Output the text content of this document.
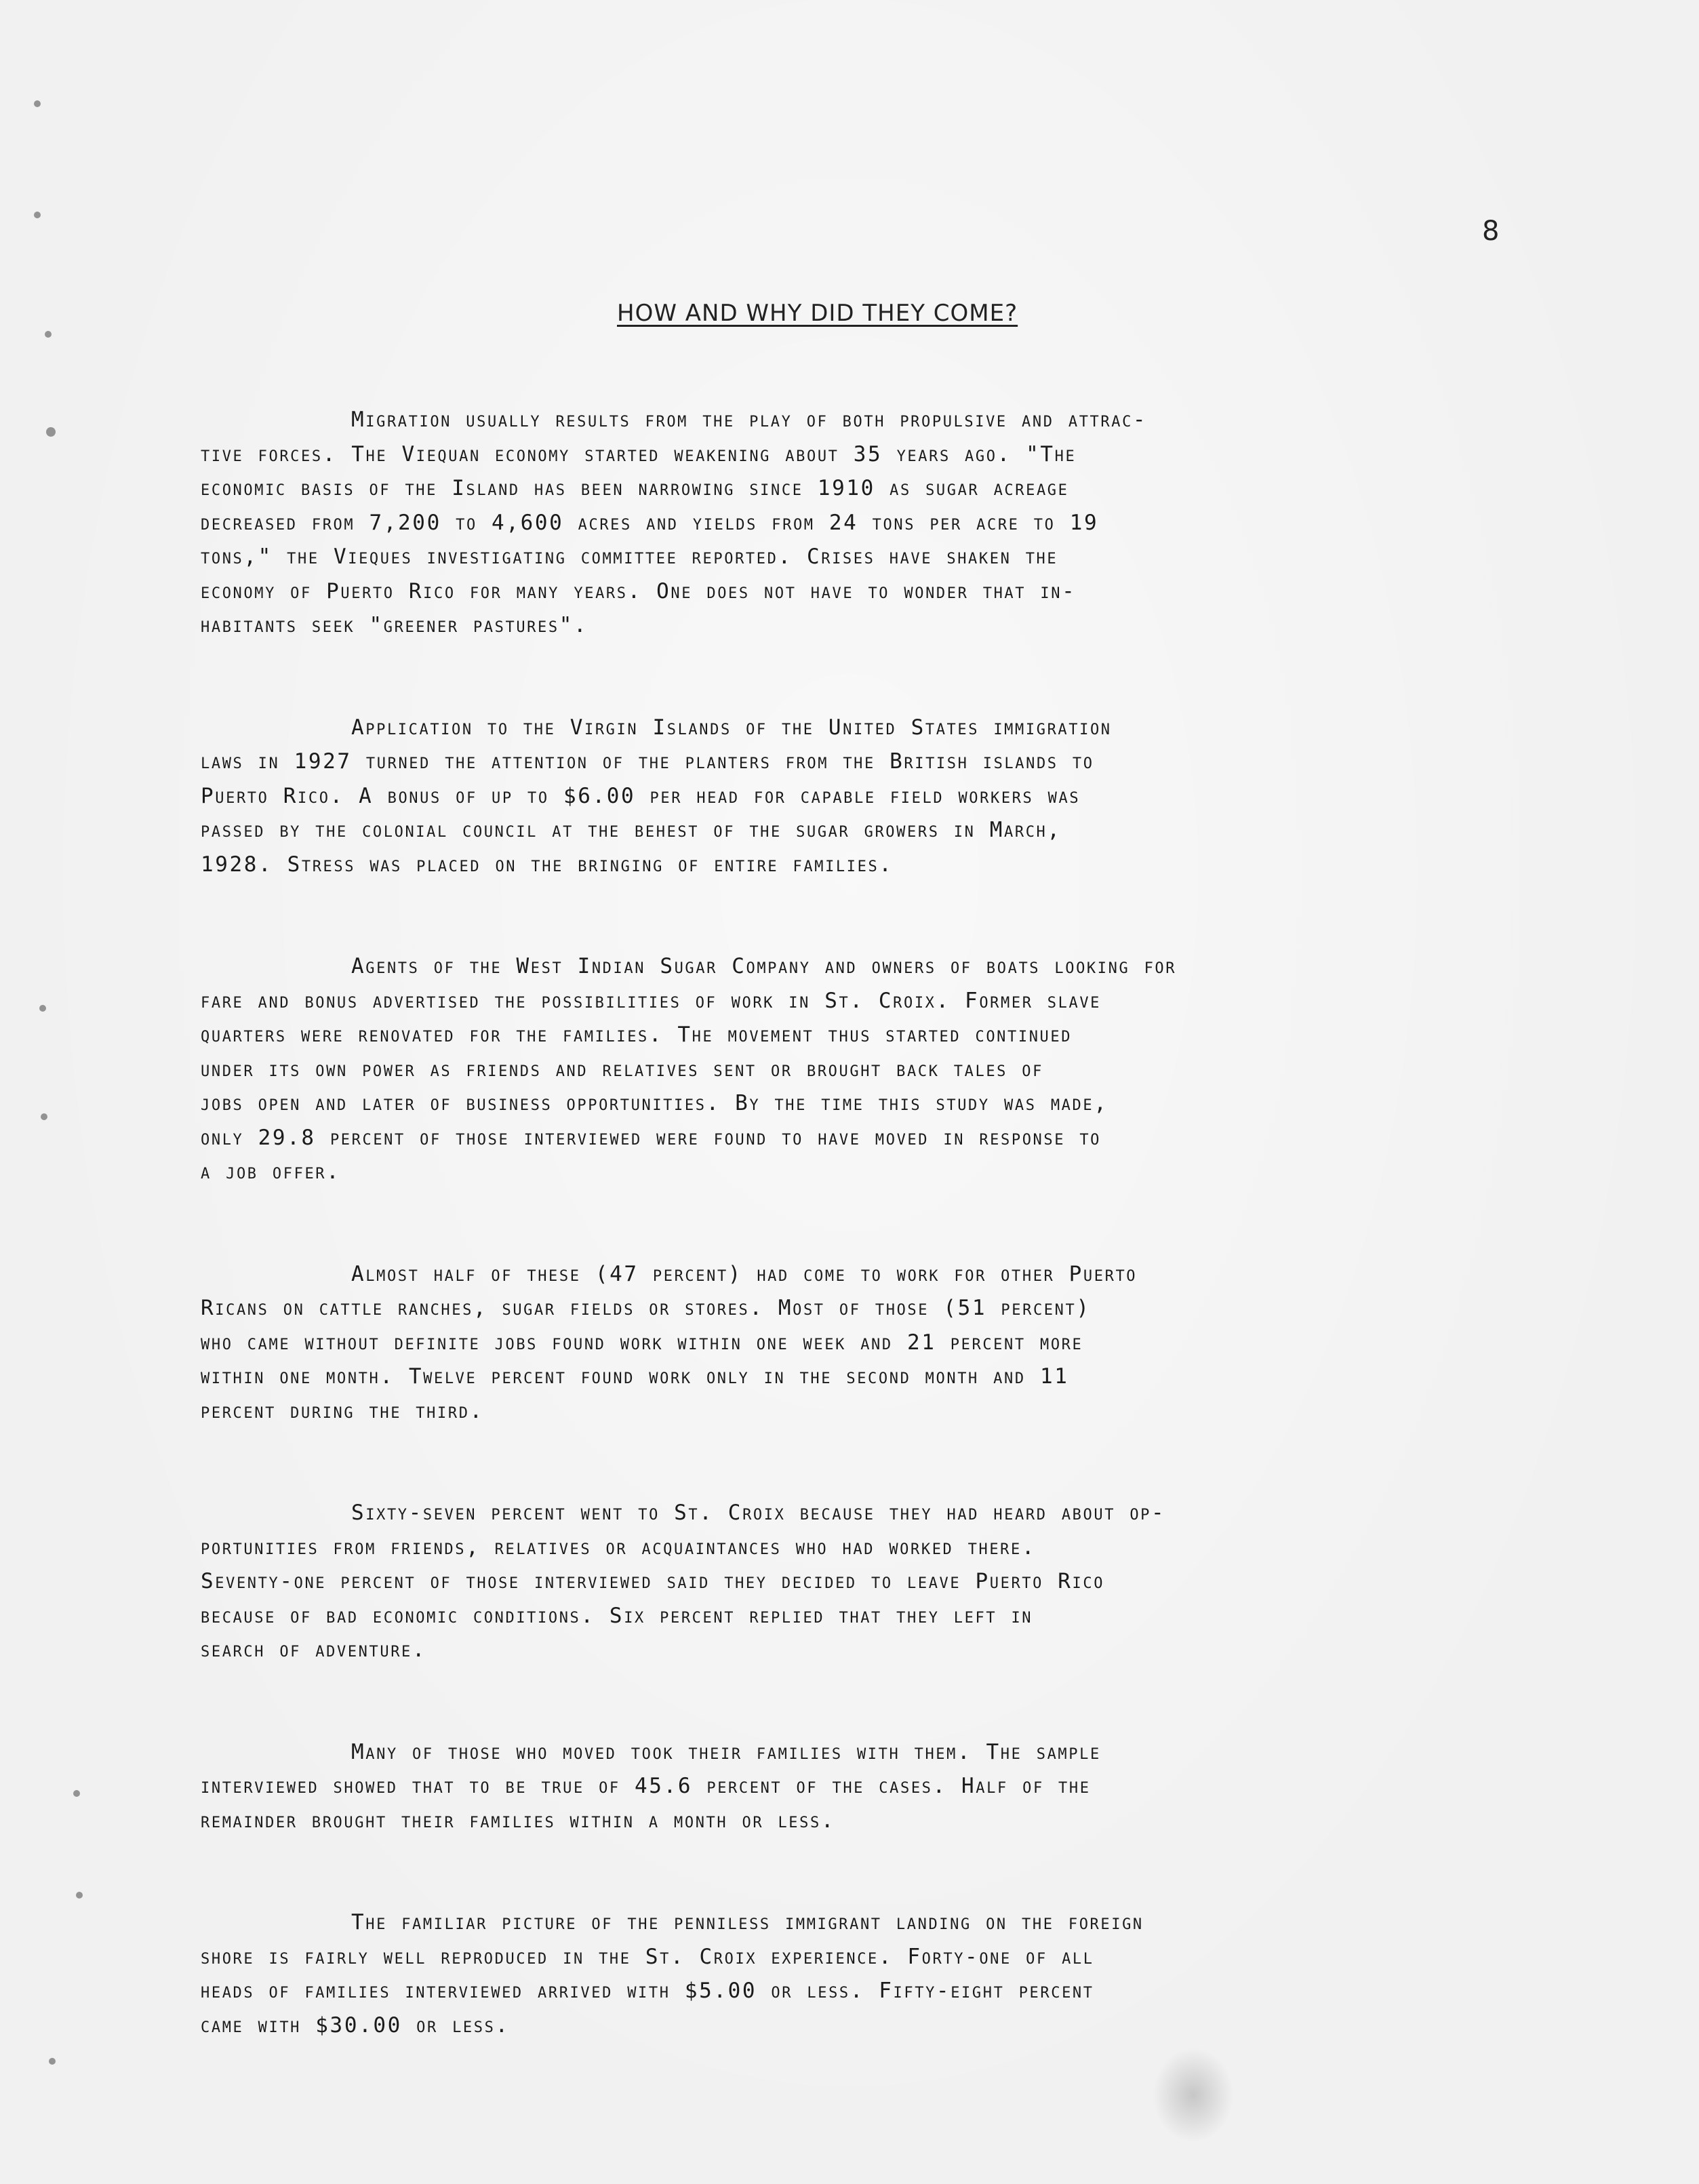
8
HOW AND WHY DID THEY COME?
Migration usually results from the play of both propulsive and attrac-
tive forces. The Viequan economy started weakening about 35 years ago. "The
economic basis of the Island has been narrowing since 1910 as sugar acreage
decreased from 7,200 to 4,600 acres and yields from 24 tons per acre to 19
tons," the Vieques investigating committee reported. Crises have shaken the
economy of Puerto Rico for many years. One does not have to wonder that in-
habitants seek "greener pastures".
Application to the Virgin Islands of the United States immigration
laws in 1927 turned the attention of the planters from the British islands to
Puerto Rico. A bonus of up to $6.00 per head for capable field workers was
passed by the colonial council at the behest of the sugar growers in March,
1928. Stress was placed on the bringing of entire families.
Agents of the West Indian Sugar Company and owners of boats looking for
fare and bonus advertised the possibilities of work in St. Croix. Former slave
quarters were renovated for the families. The movement thus started continued
under its own power as friends and relatives sent or brought back tales of
jobs open and later of business opportunities. By the time this study was made,
only 29.8 percent of those interviewed were found to have moved in response to
a job offer.
Almost half of these (47 percent) had come to work for other Puerto
Ricans on cattle ranches, sugar fields or stores. Most of those (51 percent)
who came without definite jobs found work within one week and 21 percent more
within one month. Twelve percent found work only in the second month and 11
percent during the third.
Sixty-seven percent went to St. Croix because they had heard about op-
portunities from friends, relatives or acquaintances who had worked there.
Seventy-one percent of those interviewed said they decided to leave Puerto Rico
because of bad economic conditions. Six percent replied that they left in
search of adventure.
Many of those who moved took their families with them. The sample
interviewed showed that to be true of 45.6 percent of the cases. Half of the
remainder brought their families within a month or less.
The familiar picture of the penniless immigrant landing on the foreign
shore is fairly well reproduced in the St. Croix experience. Forty-one of all
heads of families interviewed arrived with $5.00 or less. Fifty-eight percent
came with $30.00 or less.
